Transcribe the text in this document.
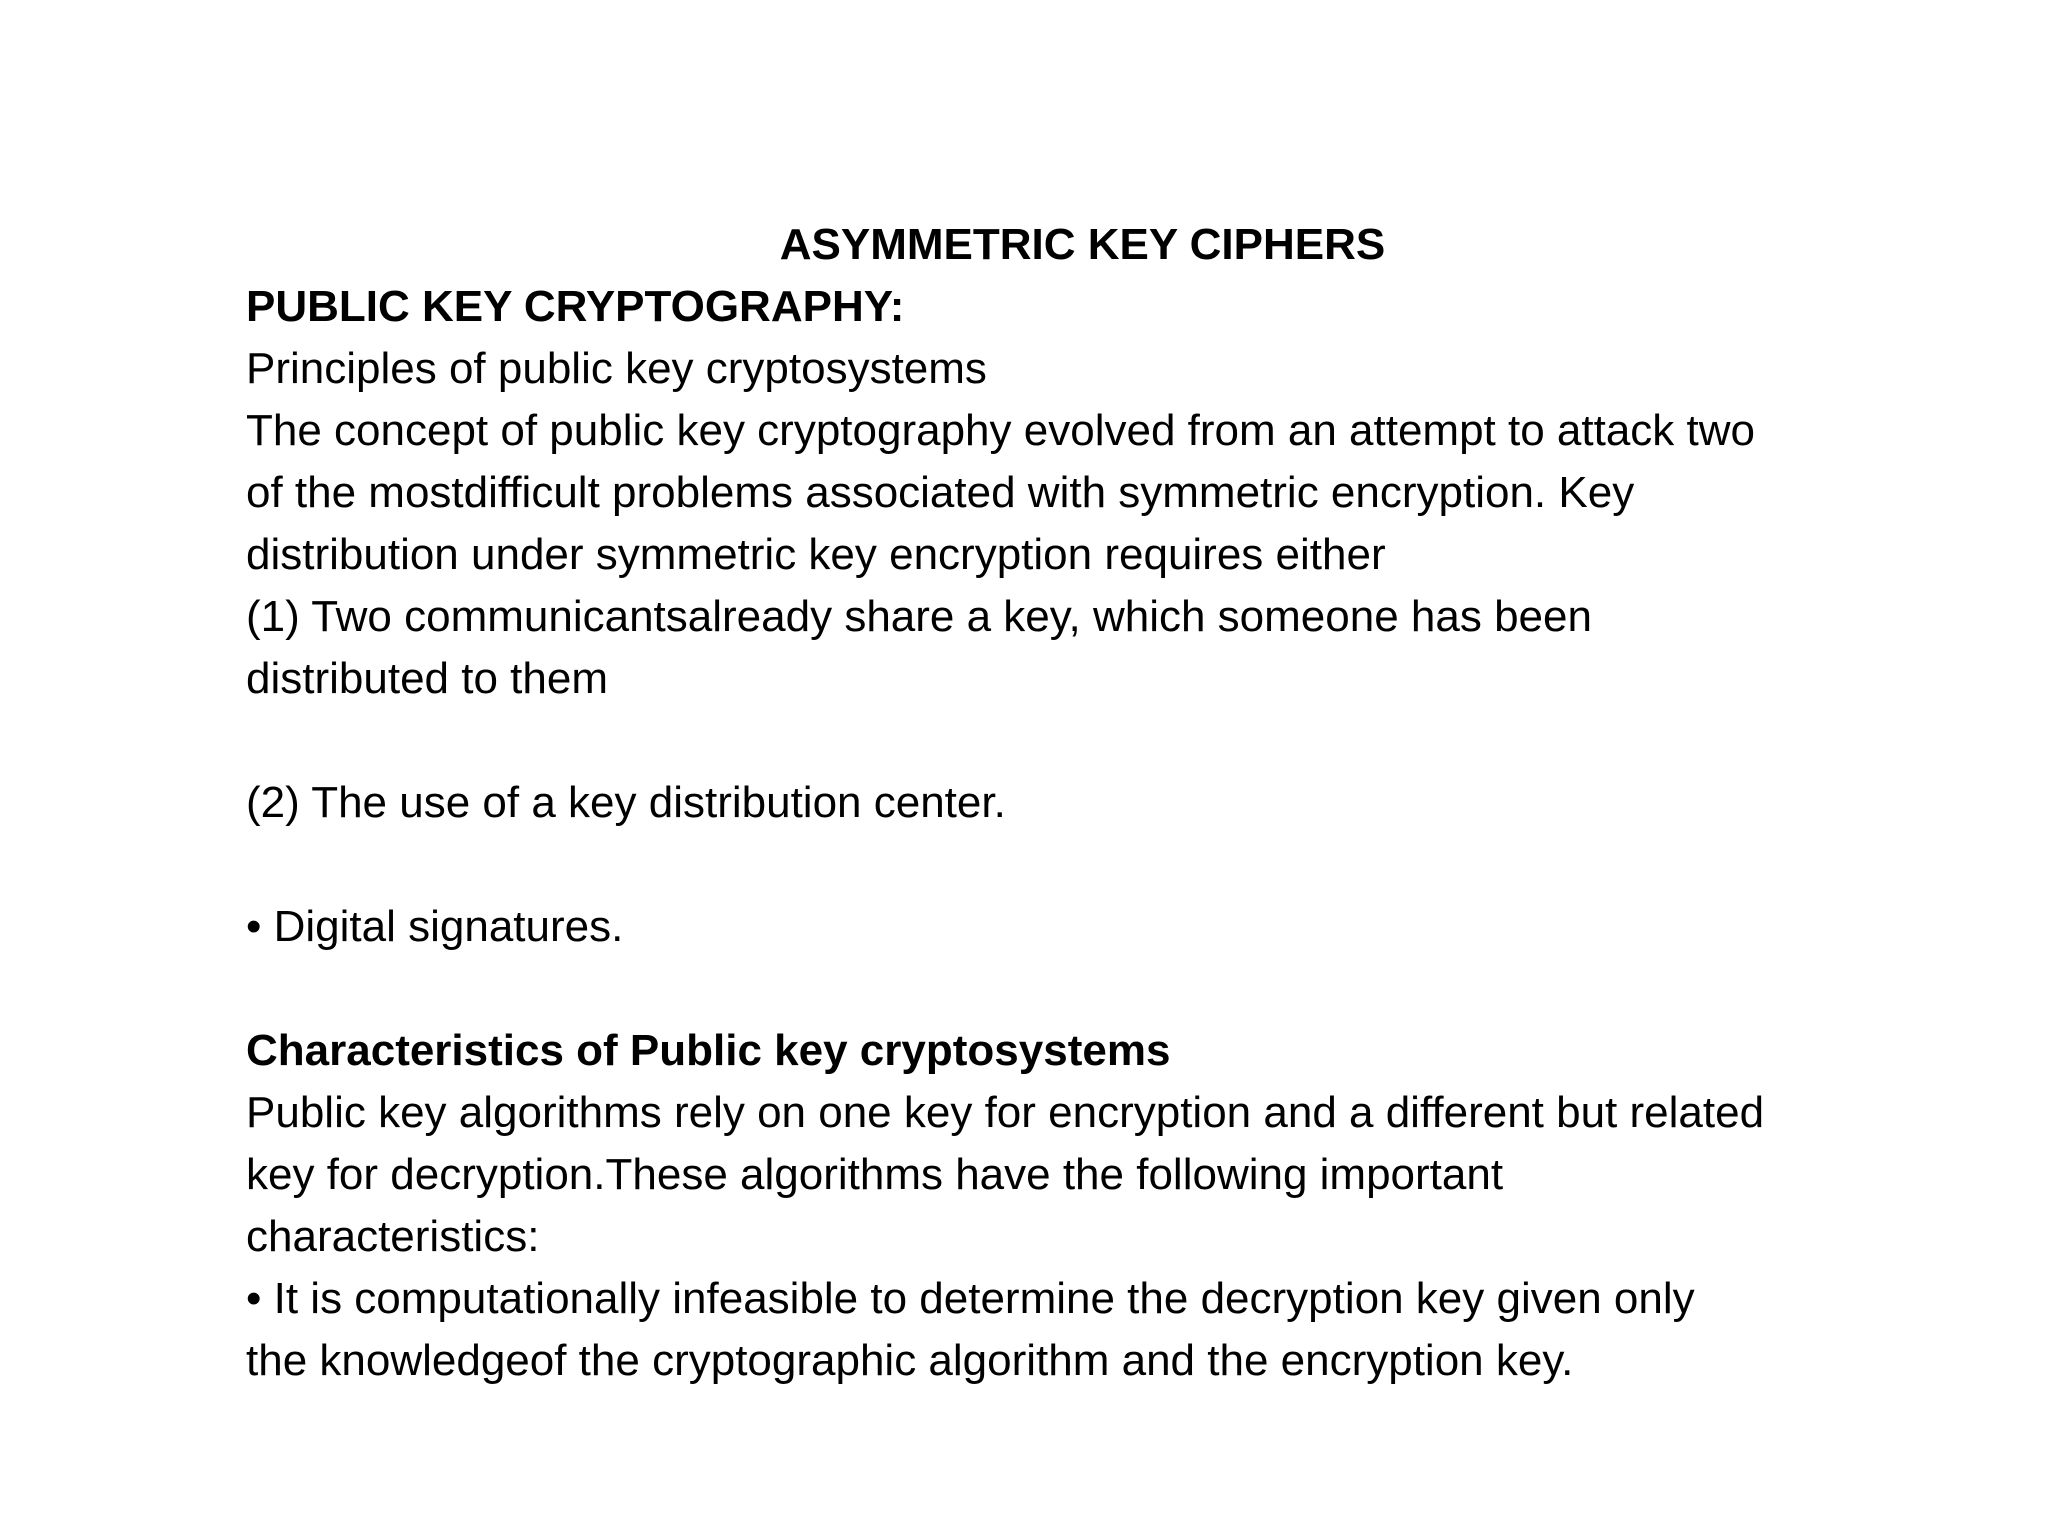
ASYMMETRIC KEY CIPHERS
PUBLIC KEY CRYPTOGRAPHY:
Principles of public key cryptosystems
The concept of public key cryptography evolved from an attempt to attack two
of the mostdifficult problems associated with symmetric encryption. Key
distribution under symmetric key encryption requires either
(1) Two communicantsalready share a key, which someone has been
distributed to them
(2) The use of a key distribution center.
• Digital signatures.
Characteristics of Public key cryptosystems
Public key algorithms rely on one key for encryption and a different but related
key for decryption.These algorithms have the following important
characteristics:
• It is computationally infeasible to determine the decryption key given only
the knowledgeof the cryptographic algorithm and the encryption key.
